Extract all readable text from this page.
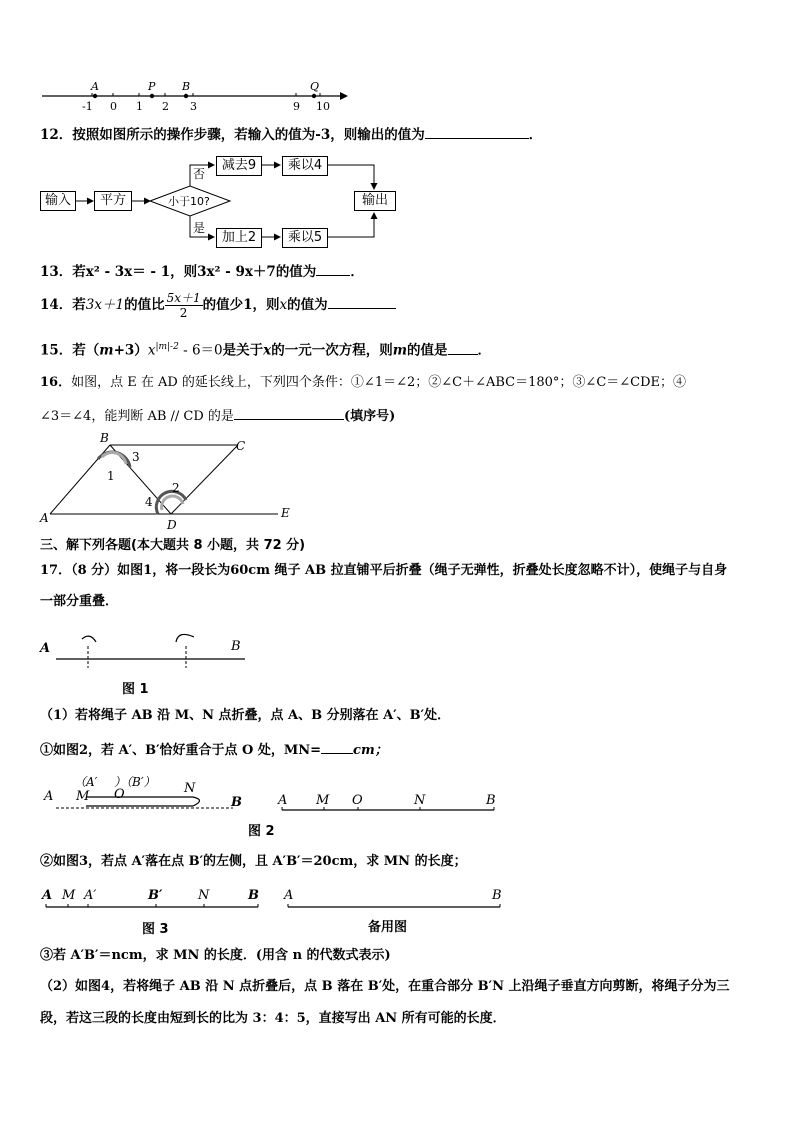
A	P B	Q
-1 0 1 2 3	9 10
12．按照如图所示的操作步骤，若输入的值为-3，则输出的值为	．
输入	平方	小于10?
否
是
减去9	乘以4
加上2	乘以5
输出
13．若x² - 3x＝ - 1，则3x² - 9x＋7的值为	．
14．若3x＋1的值比 $\frac{5x+1}{2}$ 的值少1，则x的值为
15．若$(m+3)x^{|m|-2} - 6=0$是关于x的一元一次方程，则m的值是 ．
16．如图，点 E 在 AD 的延长线上，下列四个条件：①∠1＝∠2；②∠C＋∠ABC＝180°；③∠C＝∠CDE；④
∠3＝∠4，能判断 AB // CD 的是	(填序号)
B
C
A	D
E
1
2
3
4
三、解下列各题(本大题共 8 小题，共 72 分)
17．（8 分）如图1，将一段长为60cm 绳子 AB 拉直铺平后折叠（绳子无弹性，折叠处长度忽略不计），使绳子与自身
一部分重叠．
A	B
图 1
（1）若将绳子 AB 沿 M、N 点折叠，点 A、B 分别落在 A′、B′处．
①如图2，若 A′、B′恰好重合于点 O 处，MN= cm；
A M
（A′ ）（B′）
O	N
B	A M O	N	B
图 2
②如图3，若点 A′落在点 B′的左侧，且 A′B′＝20cm，求 MN 的长度；
A M A′	B′	N	B
图 3
A	B
备用图
③若 A′B′＝ncm，求 MN 的长度．(用含 n 的代数式表示)
（2）如图4，若将绳子 AB 沿 N 点折叠后，点 B 落在 B′处，在重合部分 B′N 上沿绳子垂直方向剪断，将绳子分为三
段，若这三段的长度由短到长的比为 3：4：5，直接写出 AN 所有可能的长度．
